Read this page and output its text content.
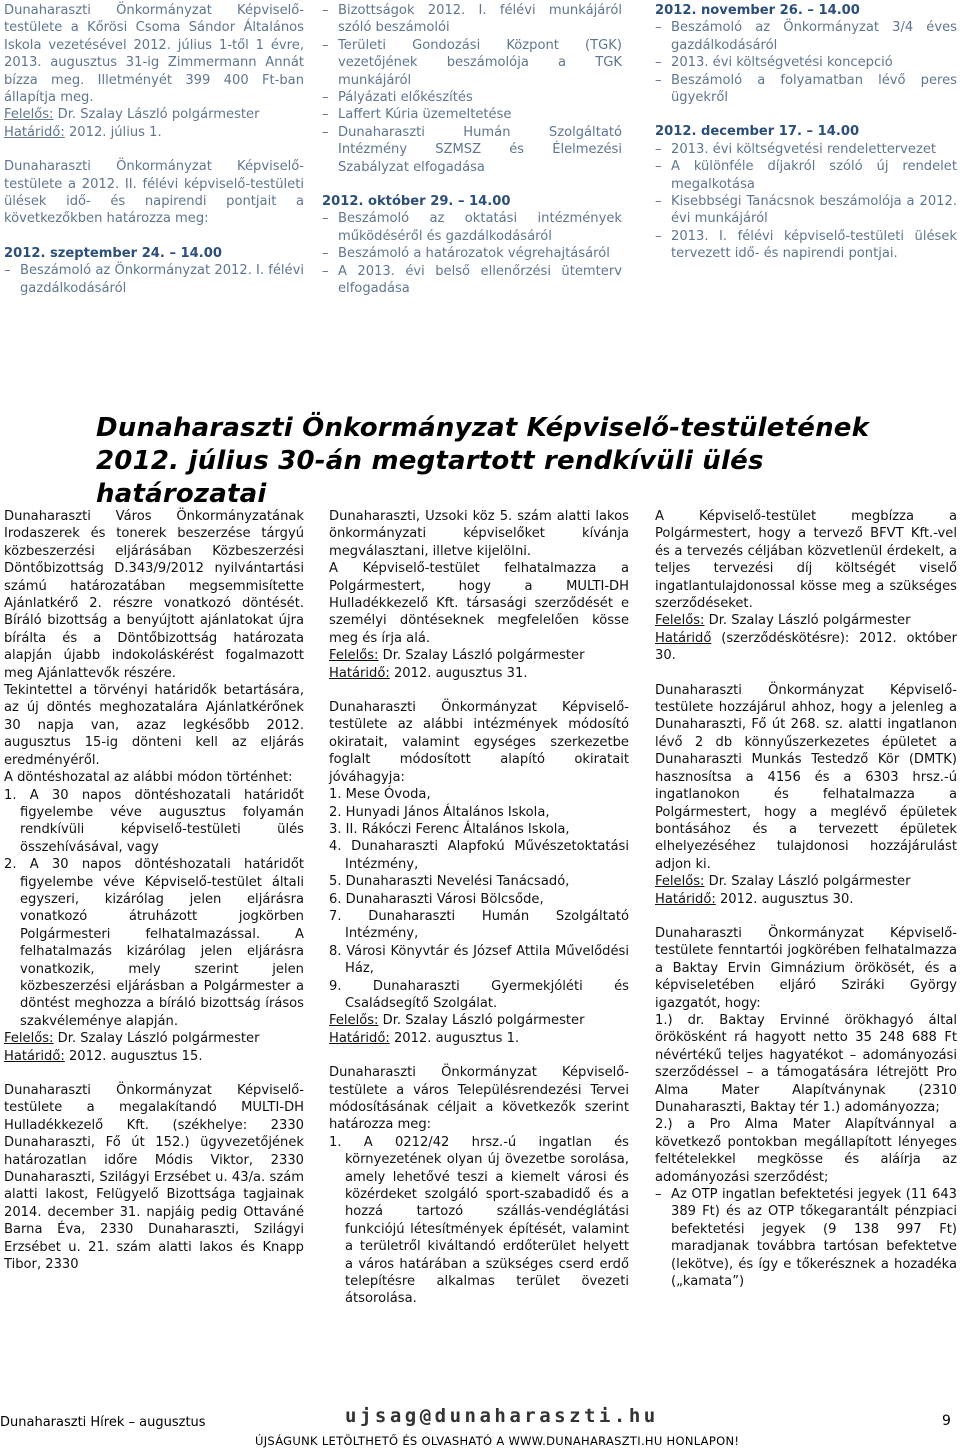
Dunaharaszti Önkormányzat Képviselő-testülete a Kőrösi Csoma Sándor Általános Iskola vezetésével 2012. július 1-től 1 évre, 2013. augusztus 31-ig Zimmermann Annát bízza meg. Illetményét 399 400 Ft-ban állapítja meg.

Felelős: Dr. Szalay László polgármester

Határidő: 2012. július 1.

Dunaharaszti Önkormányzat Képviselő-testülete a 2012. II. félévi képviselő-testületi ülések idő- és napirendi pontjait a következőkben határozza meg:

2012. szeptember 24. – 14.00

– Beszámoló az Önkormányzat 2012. I. félévi gazdálkodásáról

– Bizottságok 2012. I. félévi munkájáról szóló beszámolói

– Területi Gondozási Központ (TGK) vezetőjének beszámolója a TGK munkájáról

– Pályázati előkészítés

– Laffert Kúria üzemeltetése

– Dunaharaszti Humán Szolgáltató Intézmény SZMSZ és Élelmezési Szabályzat elfogadása

2012. október 29. – 14.00

– Beszámoló az oktatási intézmények működéséről és gazdálkodásáról

– Beszámoló a határozatok végrehajtásáról

– A 2013. évi belső ellenőrzési ütemterv elfogadása

2012. november 26. – 14.00

– Beszámoló az Önkormányzat 3/4 éves gazdálkodásáról

– 2013. évi költségvetési koncepció

– Beszámoló a folyamatban lévő peres ügyekről

2012. december 17. – 14.00

– 2013. évi költségvetési rendelettervezet

– A különféle díjakról szóló új rendelet megalkotása

– Kisebbségi Tanácsnok beszámolója a 2012. évi munkájáról

– 2013. I. félévi képviselő-testületi ülések tervezett idő- és napirendi pontjai.

Dunaharaszti Önkormányzat Képviselő-testületének
2012. július 30-án megtartott rendkívüli ülés határozatai

Dunaharaszti Város Önkormányzatának Irodaszerek és tonerek beszerzése tárgyú közbeszerzési eljárásában Közbeszerzési Döntőbizottság D.343/9/2012 nyilvántartási számú határozatában megsemmisítette Ajánlatkérő 2. részre vonatkozó döntését. Bíráló bizottság a benyújtott ajánlatokat újra bírálta és a Döntőbizottság határozata alapján újabb indokoláskérést fogalmazott meg Ajánlattevők részére.

Tekintettel a törvényi határidők betartására, az új döntés meghozatalára Ajánlatkérőnek 30 napja van, azaz legkésőbb 2012. augusztus 15-ig dönteni kell az eljárás eredményéről.

A döntéshozatal az alábbi módon történhet:

1. A 30 napos döntéshozatali határidőt figyelembe véve augusztus folyamán rendkívüli képviselő-testületi ülés összehívásával, vagy

2. A 30 napos döntéshozatali határidőt figyelembe véve Képviselő-testület általi egyszeri, kizárólag jelen eljárásra vonatkozó átruházott jogkörben Polgármesteri felhatalmazással. A felhatalmazás kizárólag jelen eljárásra vonatkozik, mely szerint jelen közbeszerzési eljárásban a Polgármester a döntést meghozza a bíráló bizottság írásos szakvéleménye alapján.

Felelős: Dr. Szalay László polgármester

Határidő: 2012. augusztus 15.

Dunaharaszti Önkormányzat Képviselő-testülete a megalakítandó MULTI-DH Hulladékkezelő Kft. (székhelye: 2330 Dunaharaszti, Fő út 152.) ügyvezetőjének határozatlan időre Módis Viktor, 2330 Dunaharaszti, Szilágyi Erzsébet u. 43/a. szám alatti lakost, Felügyelő Bizottsága tagjainak 2014. december 31. napjáig pedig Ottaváné Barna Éva, 2330 Dunaharaszti, Szilágyi Erzsébet u. 21. szám alatti lakos és Knapp Tibor, 2330

Dunaharaszti, Uzsoki köz 5. szám alatti lakos önkormányzati képviselőket kívánja megválasztani, illetve kijelölni.

A Képviselő-testület felhatalmazza a Polgármestert, hogy a MULTI-DH Hulladékkezelő Kft. társasági szerződését e személyi döntéseknek megfelelően kösse meg és írja alá.

Felelős: Dr. Szalay László polgármester

Határidő: 2012. augusztus 31.

Dunaharaszti Önkormányzat Képviselő-testülete az alábbi intézmények módosító okiratait, valamint egységes szerkezetbe foglalt módosított alapító okiratait jóváhagyja:

1. Mese Óvoda,

2. Hunyadi János Általános Iskola,

3. II. Rákóczi Ferenc Általános Iskola,

4. Dunaharaszti Alapfokú Művészetoktatási Intézmény,

5. Dunaharaszti Nevelési Tanácsadó,

6. Dunaharaszti Városi Bölcsőde,

7. Dunaharaszti Humán Szolgáltató Intézmény,

8. Városi Könyvtár és József Attila Művelődési Ház,

9. Dunaharaszti Gyermekjóléti és Családsegítő Szolgálat.

Felelős: Dr. Szalay László polgármester

Határidő: 2012. augusztus 1.

Dunaharaszti Önkormányzat Képviselő-testülete a város Településrendezési Tervei módosításának céljait a következők szerint határozza meg:

1. A 0212/42 hrsz.-ú ingatlan és környezetének olyan új övezetbe sorolása, amely lehetővé teszi a kiemelt városi és közérdeket szolgáló sport-szabadidő és a hozzá tartozó szállás-vendéglátási funkciójú létesítmények építését, valamint a területről kiváltandó erdőterület helyett a város határában a szükséges cserd erdő telepítésre alkalmas terület övezeti átsorolása.

A Képviselő-testület megbízza a Polgármestert, hogy a tervező BFVT Kft.-vel és a tervezés céljában közvetlenül érdekelt, a teljes tervezési díj költségét viselő ingatlantulajdonossal kösse meg a szükséges szerződéseket.

Felelős: Dr. Szalay László polgármester

Határidő (szerződéskötésre): 2012. október 30.

Dunaharaszti Önkormányzat Képviselő-testülete hozzájárul ahhoz, hogy a jelenleg a Dunaharaszti, Fő út 268. sz. alatti ingatlanon lévő 2 db könnyűszerkezetes épületet a Dunaharaszti Munkás Testedző Kör (DMTK) hasznosítsa a 4156 és a 6303 hrsz.-ú ingatlanokon és felhatalmazza a Polgármestert, hogy a meglévő épületek bontásához és a tervezett épületek elhelyezéséhez tulajdonosi hozzájárulást adjon ki.

Felelős: Dr. Szalay László polgármester

Határidő: 2012. augusztus 30.

Dunaharaszti Önkormányzat Képviselő-testülete fenntartói jogkörében felhatalmazza a Baktay Ervin Gimnázium örökösét, és a képviseletében eljáró Sziráki György igazgatót, hogy:

1.) dr. Baktay Ervinné örökhagyó által örökösként rá hagyott netto 35 248 688 Ft névértékű teljes hagyatékot – adományozási szerződéssel – a támogatására létrejött Pro Alma Mater Alapítványnak (2310 Dunaharaszti, Baktay tér 1.) adományozza;

2.) a Pro Alma Mater Alapítvánnyal a következő pontokban megállapított lényeges feltételekkel megkösse és aláírja az adományozási szerződést;

– Az OTP ingatlan befektetési jegyek (11 643 389 Ft) és az OTP tőkegarantált pénzpiaci befektetési jegyek (9 138 997 Ft) maradjanak továbbra tartósan befektetve (lekötve), és így e tőkerésznek a hozadéka („kamata”)

Dunaharaszti Hírek – augusztus	ujsag@dunaharaszti.hu	9
ÚJSÁGUNK LETÖLTHETŐ ÉS OLVASHATÓ A WWW.DUNAHARASZTI.HU HONLAPON!
